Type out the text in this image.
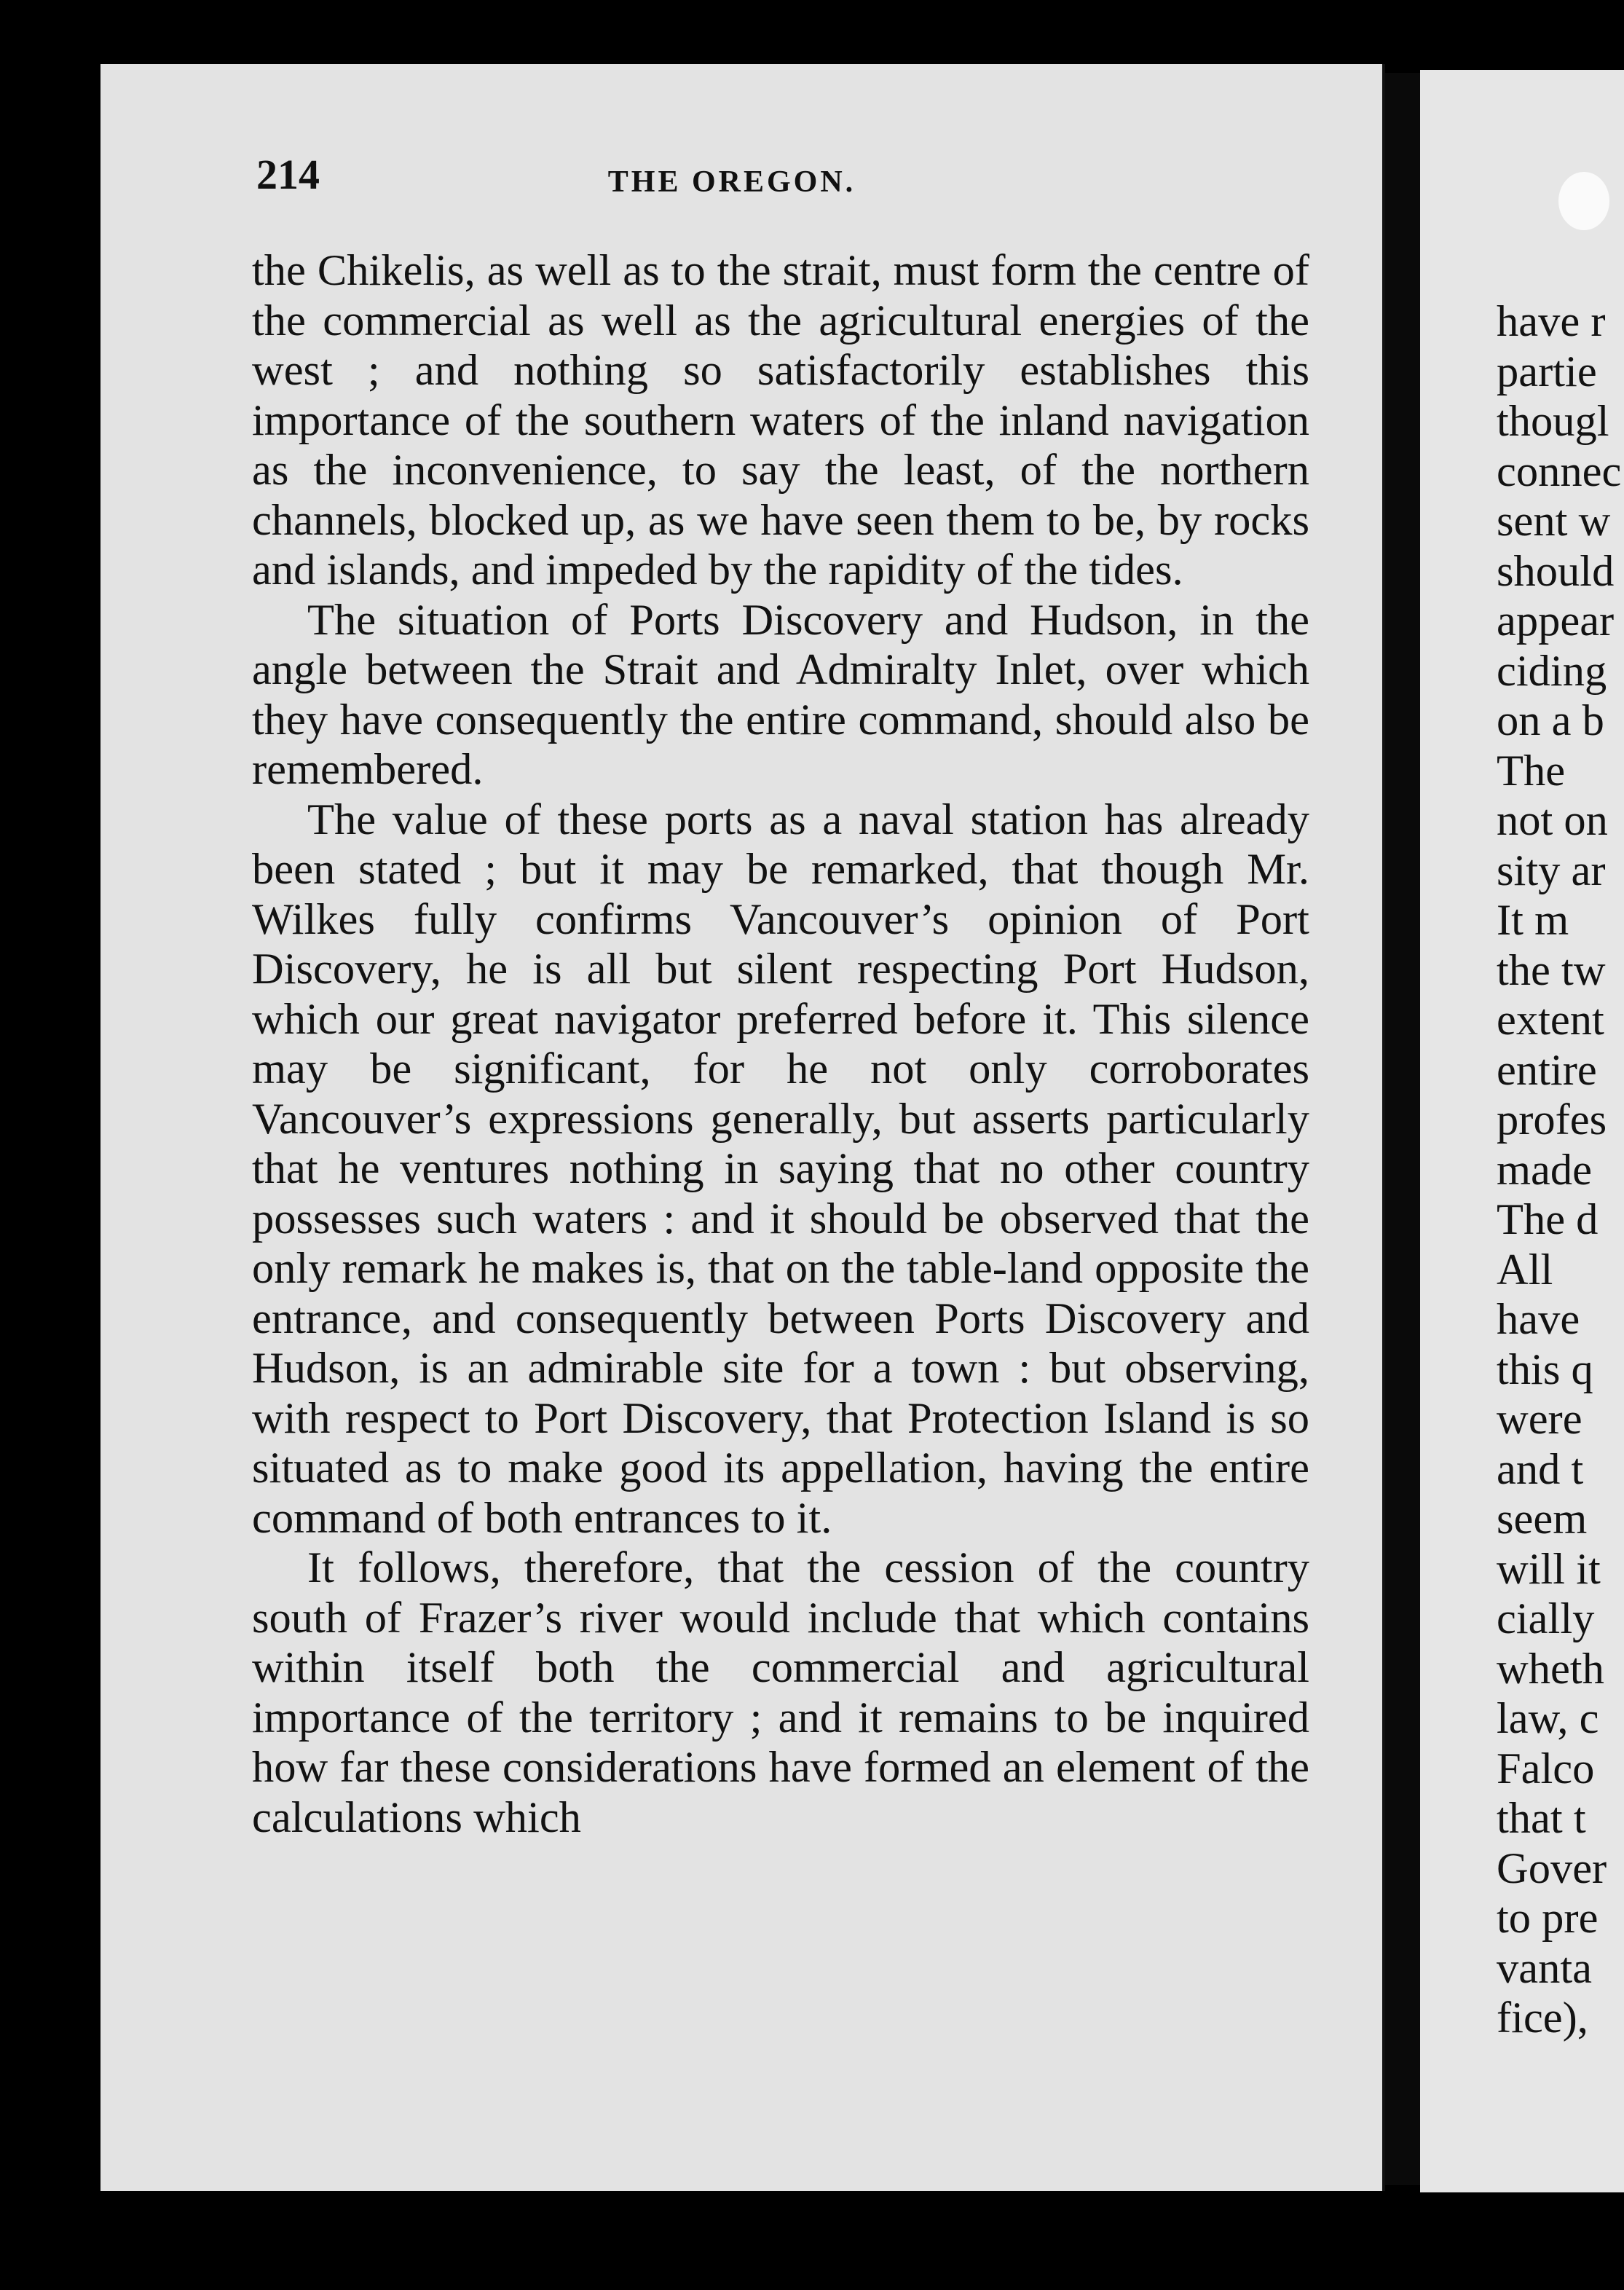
214	THE OREGON.

the Chikelis, as well as to the strait, must form the centre of the commercial as well as the agricultural energies of the west ; and nothing so satisfactorily establishes this importance of the southern waters of the inland navigation as the inconvenience, to say the least, of the northern channels, blocked up, as we have seen them to be, by rocks and islands, and impeded by the rapidity of the tides.

The situation of Ports Discovery and Hudson, in the angle between the Strait and Admiralty Inlet, over which they have consequently the entire command, should also be remembered.

The value of these ports as a naval station has already been stated ; but it may be remarked, that though Mr. Wilkes fully confirms Vancouver’s opinion of Port Discovery, he is all but silent respecting Port Hudson, which our great navigator preferred before it. This silence may be significant, for he not only corroborates Vancouver’s expressions generally, but asserts particularly that he ventures nothing in saying that no other country possesses such waters : and it should be observed that the only remark he makes is, that on the table-land opposite the entrance, and consequently between Ports Discovery and Hudson, is an admirable site for a town : but observing, with respect to Port Discovery, that Protection Island is so situated as to make good its appellation, having the entire command of both entrances to it.

It follows, therefore, that the cession of the country south of Frazer’s river would include that which contains within itself both the commercial and agricultural importance of the territory ; and it remains to be inquired how far these considerations have formed an element of the calculations which

have r
partie
thougl
connec
sent w
should
appear
ciding
on a b
The
not on
sity ar
It m
the tw
extent
entire
profes
made
The d
All
have
this q
were
and t
seem
will it
cially
wheth
law, c
Falco
that t
Gover
to pre
vanta
fice),
